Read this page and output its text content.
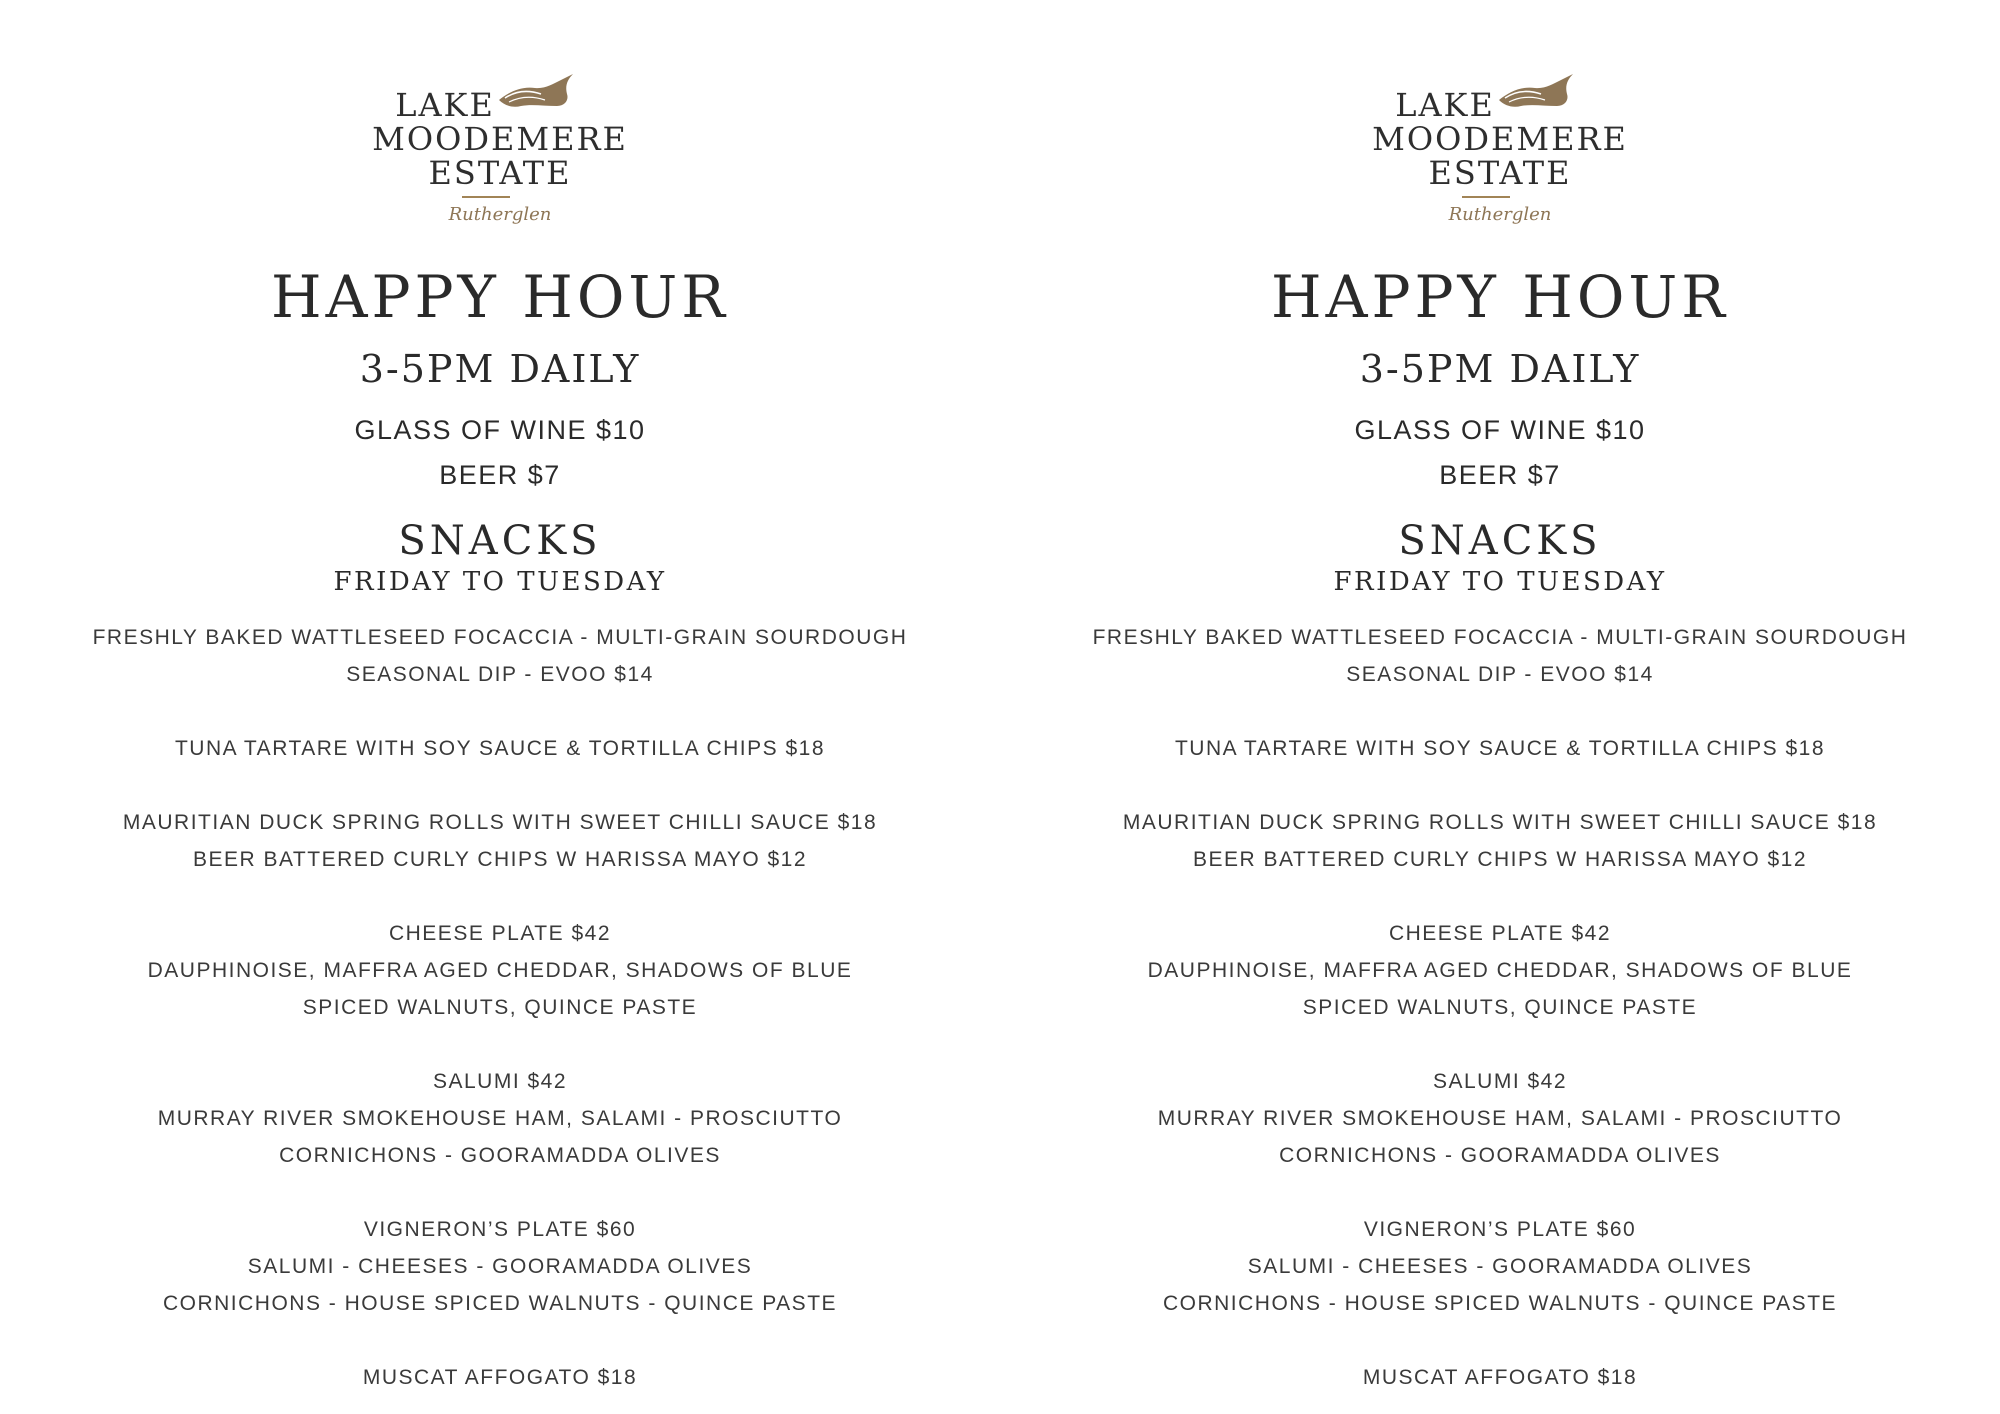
LAKE
MOODEMERE
ESTATE
Rutherglen
HAPPY HOUR
3-5PM DAILY
GLASS OF WINE $10
BEER $7
SNACKS
FRIDAY TO TUESDAY
FRESHLY BAKED WATTLESEED FOCACCIA - MULTI-GRAIN SOURDOUGH
SEASONAL DIP - EVOO $14
TUNA TARTARE WITH SOY SAUCE & TORTILLA CHIPS $18
MAURITIAN DUCK SPRING ROLLS WITH SWEET CHILLI SAUCE $18
BEER BATTERED CURLY CHIPS W HARISSA MAYO $12
CHEESE PLATE $42
DAUPHINOISE, MAFFRA AGED CHEDDAR, SHADOWS OF BLUE
SPICED WALNUTS, QUINCE PASTE
SALUMI $42
MURRAY RIVER SMOKEHOUSE HAM, SALAMI - PROSCIUTTO
CORNICHONS - GOORAMADDA OLIVES
VIGNERON’S PLATE $60
SALUMI - CHEESES - GOORAMADDA OLIVES
CORNICHONS - HOUSE SPICED WALNUTS - QUINCE PASTE
MUSCAT AFFOGATO $18
LAKE
MOODEMERE
ESTATE
Rutherglen
HAPPY HOUR
3-5PM DAILY
GLASS OF WINE $10
BEER $7
SNACKS
FRIDAY TO TUESDAY
FRESHLY BAKED WATTLESEED FOCACCIA - MULTI-GRAIN SOURDOUGH
SEASONAL DIP - EVOO $14
TUNA TARTARE WITH SOY SAUCE & TORTILLA CHIPS $18
MAURITIAN DUCK SPRING ROLLS WITH SWEET CHILLI SAUCE $18
BEER BATTERED CURLY CHIPS W HARISSA MAYO $12
CHEESE PLATE $42
DAUPHINOISE, MAFFRA AGED CHEDDAR, SHADOWS OF BLUE
SPICED WALNUTS, QUINCE PASTE
SALUMI $42
MURRAY RIVER SMOKEHOUSE HAM, SALAMI - PROSCIUTTO
CORNICHONS - GOORAMADDA OLIVES
VIGNERON’S PLATE $60
SALUMI - CHEESES - GOORAMADDA OLIVES
CORNICHONS - HOUSE SPICED WALNUTS - QUINCE PASTE
MUSCAT AFFOGATO $18
